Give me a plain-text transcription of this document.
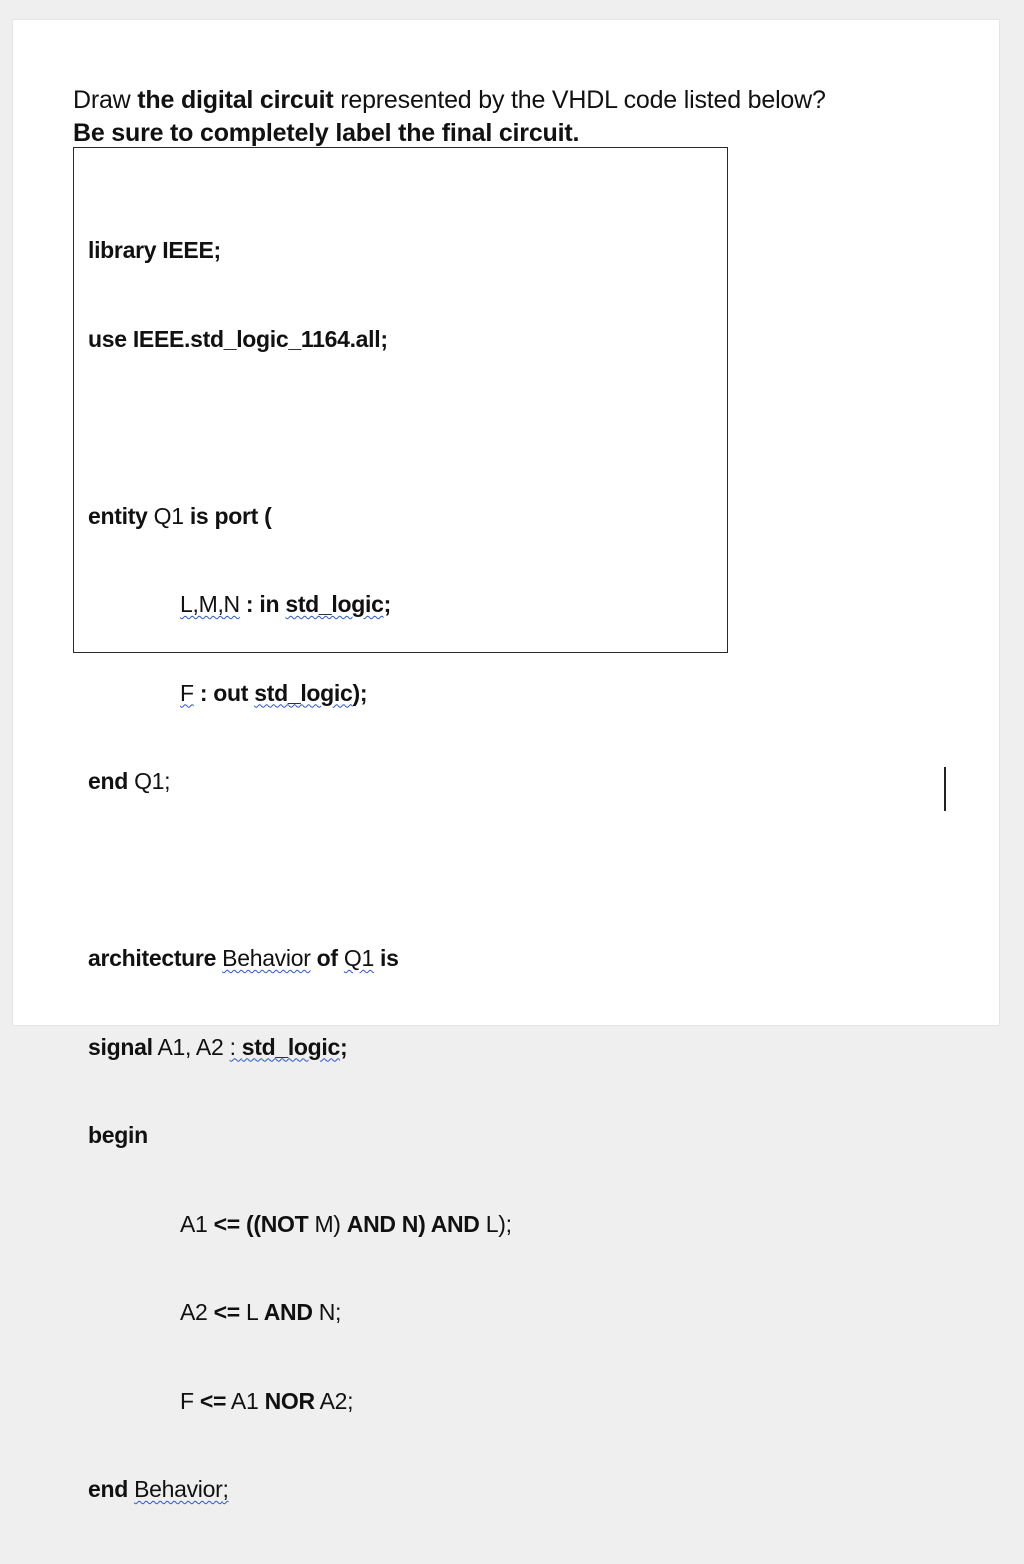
Draw the digital circuit represented by the VHDL code listed below?
Be sure to completely label the final circuit.

library IEEE;

use IEEE.std_logic_1164.all;

entity Q1 is port (

L,M,N : in std_logic;

F : out std_logic);

end Q1;

architecture Behavior of Q1 is

signal A1, A2 : std_logic;

begin

A1 <= ((NOT M) AND N) AND L);

A2 <= L AND N;

F <= A1 NOR A2;

end Behavior;
